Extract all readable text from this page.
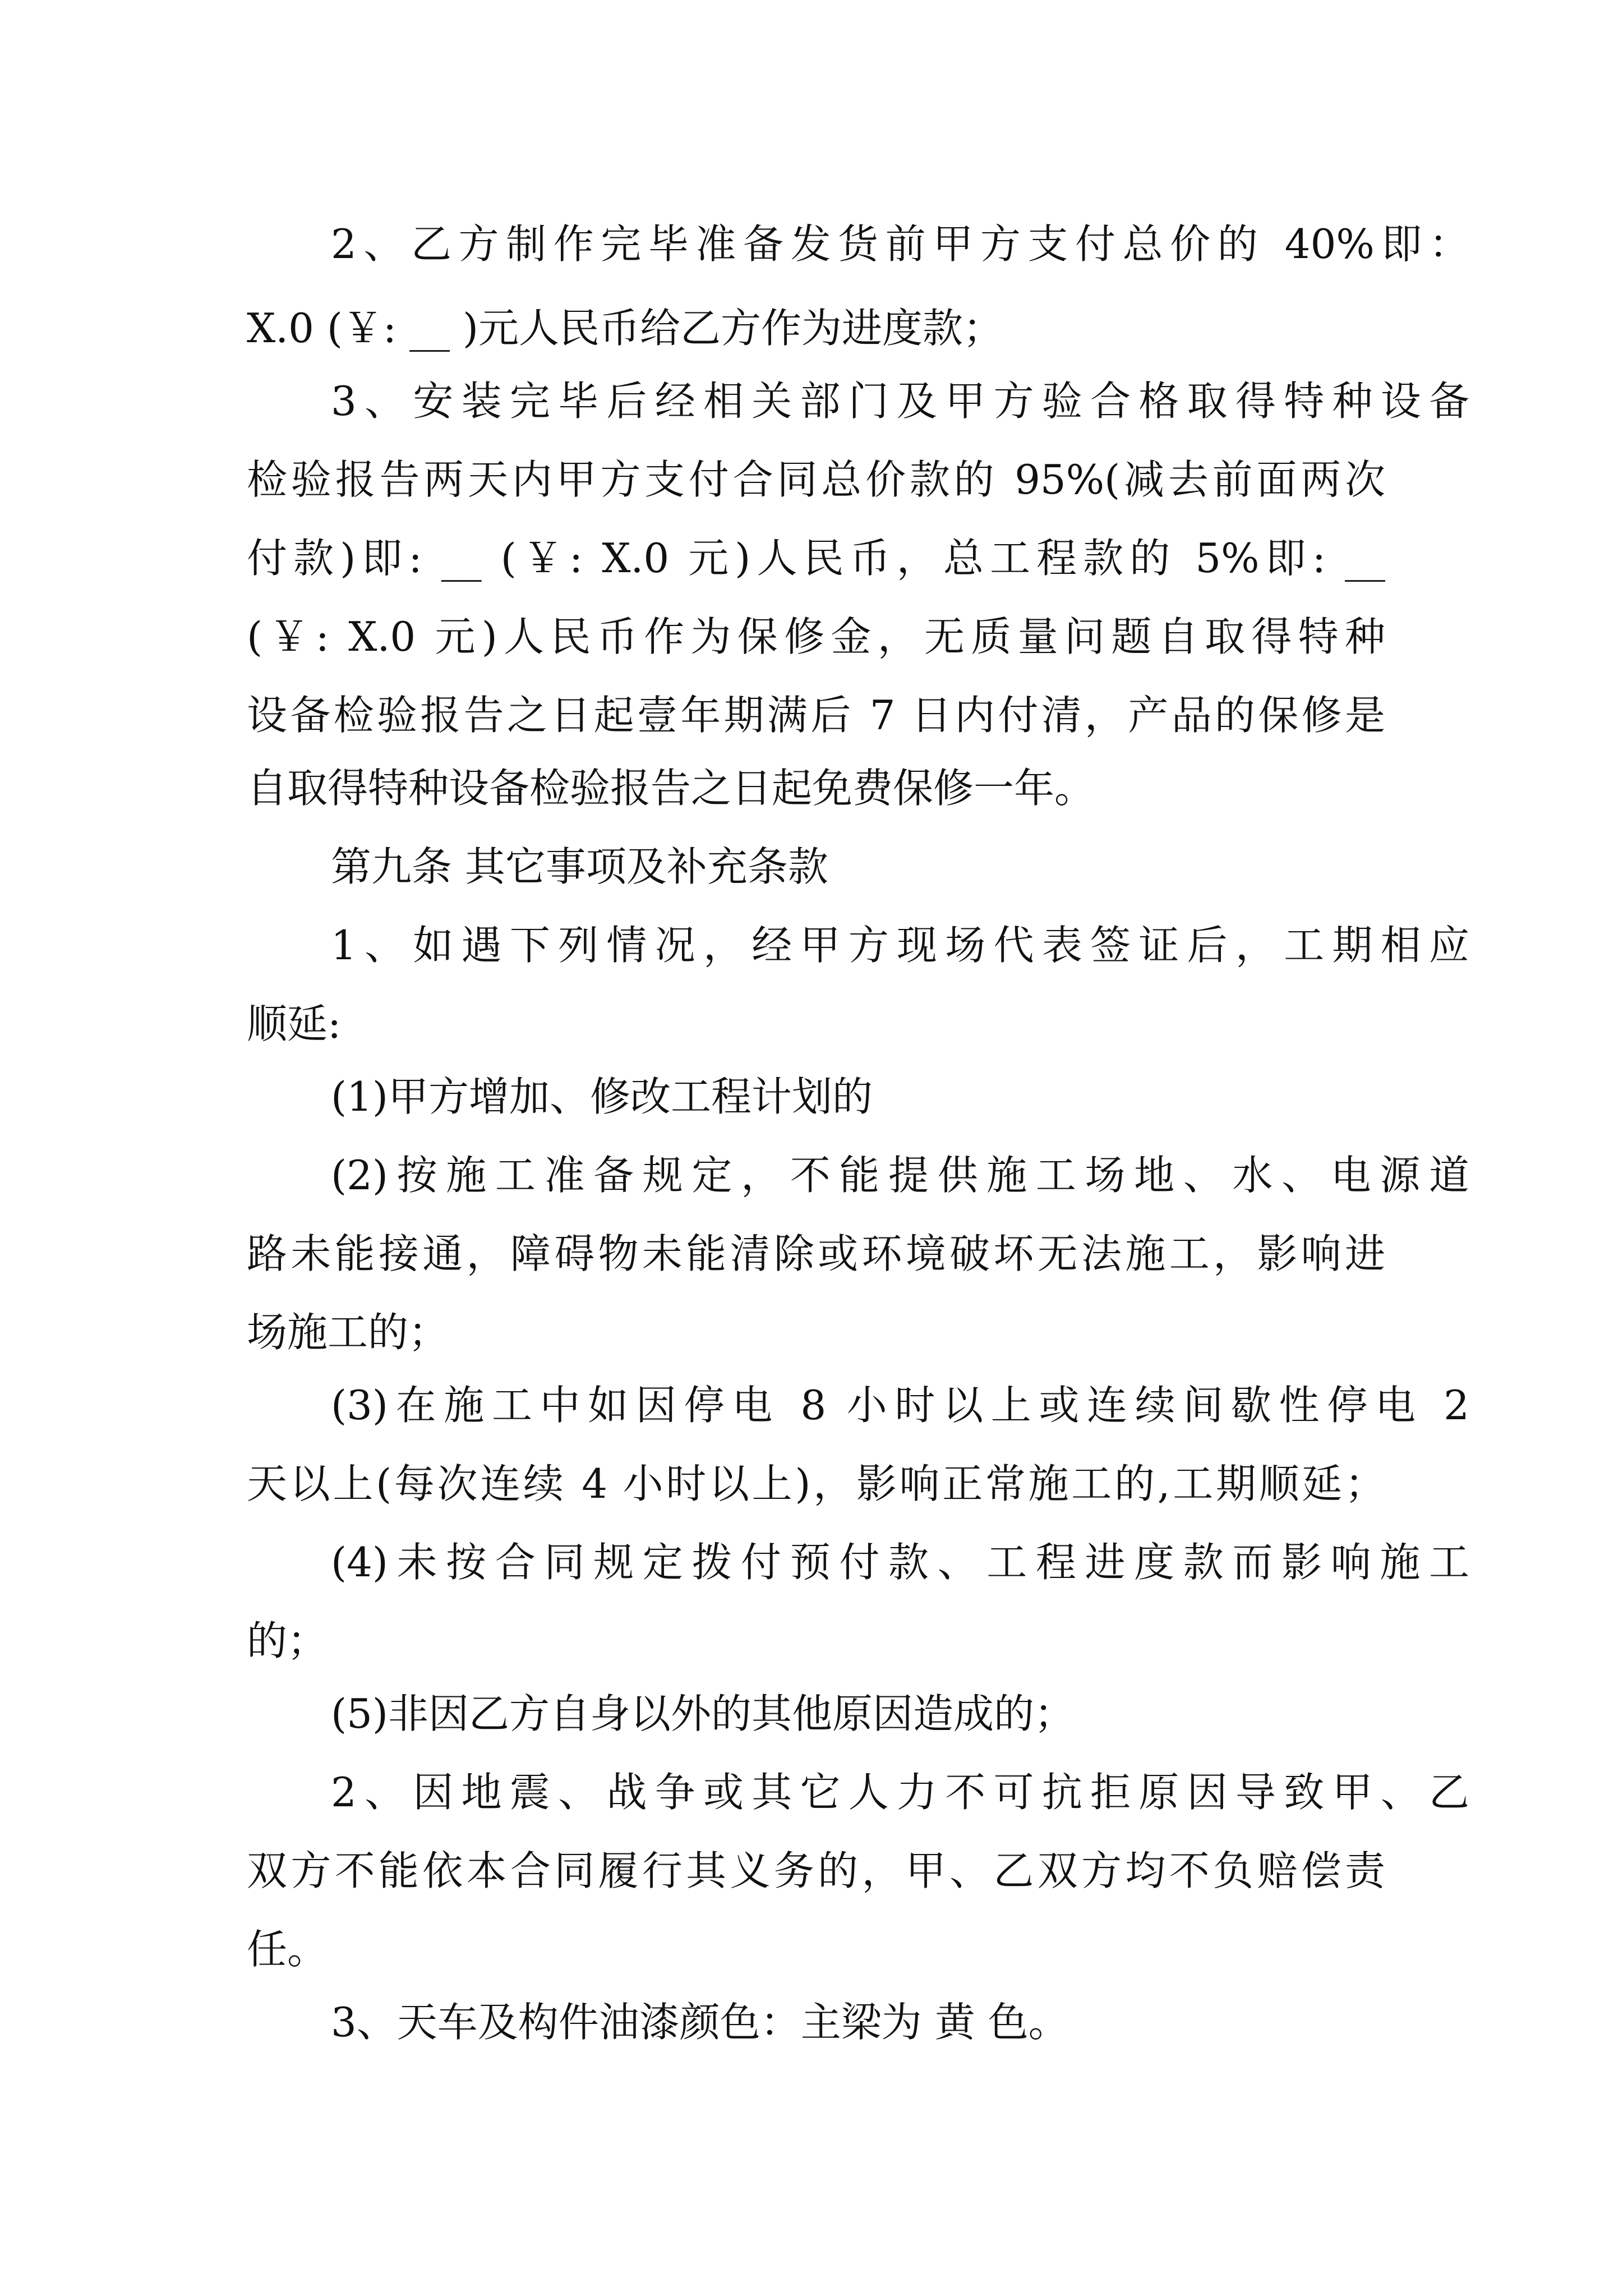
2、乙方制作完毕准备发货前甲方支付总价的 40%即：
X.0 (￥: __ )元人民币给乙方作为进度款；
3、安装完毕后经相关部门及甲方验合格取得特种设备
检验报告两天内甲方支付合同总价款的 95%(减去前面两次
付款)即: __ (￥: X.0 元)人民币，总工程款的 5%即: __
(￥: X.0 元)人民币作为保修金，无质量问题自取得特种
设备检验报告之日起壹年期满后 7 日内付清，产品的保修是
自取得特种设备检验报告之日起免费保修一年。
第九条 其它事项及补充条款
1、如遇下列情况，经甲方现场代表签证后，工期相应
顺延:
(1)甲方增加、修改工程计划的
(2)按施工准备规定，不能提供施工场地、水、电源道
路未能接通，障碍物未能清除或环境破坏无法施工，影响进
场施工的；
(3)在施工中如因停电 8 小时以上或连续间歇性停电 2
天以上(每次连续 4 小时以上)，影响正常施工的,工期顺延；
(4)未按合同规定拨付预付款、工程进度款而影响施工
的；
(5)非因乙方自身以外的其他原因造成的；
2、因地震、战争或其它人力不可抗拒原因导致甲、乙
双方不能依本合同履行其义务的，甲、乙双方均不负赔偿责
任。
3、天车及构件油漆颜色：主梁为 黄 色。
